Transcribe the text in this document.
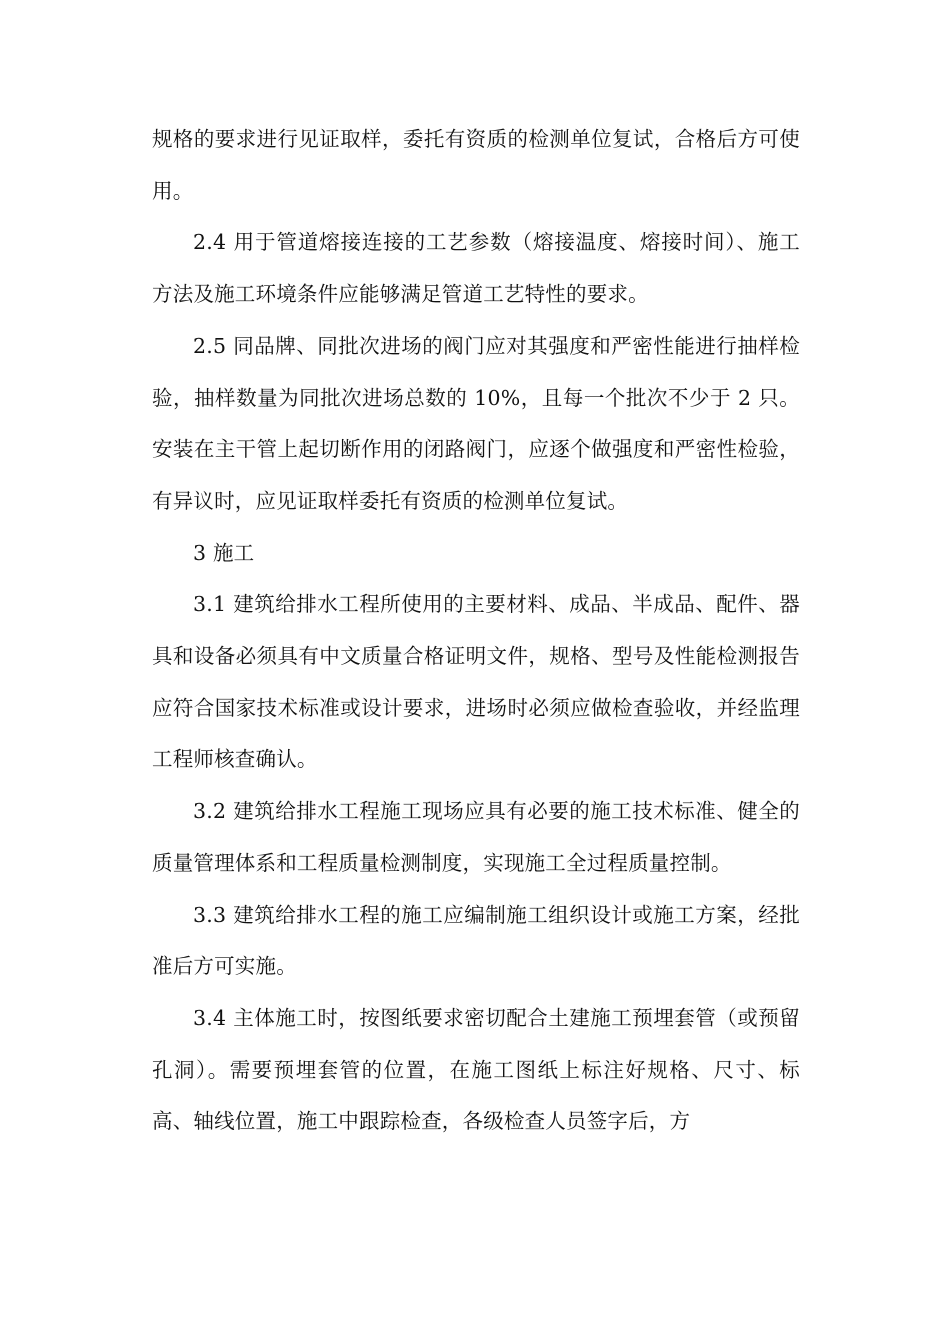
规格的要求进行见证取样，委托有资质的检测单位复试，合格后方可使用。

2.4 用于管道熔接连接的工艺参数（熔接温度、熔接时间）、施工方法及施工环境条件应能够满足管道工艺特性的要求。

2.5 同品牌、同批次进场的阀门应对其强度和严密性能进行抽样检验，抽样数量为同批次进场总数的 10%，且每一个批次不少于 2 只。安装在主干管上起切断作用的闭路阀门，应逐个做强度和严密性检验，有异议时，应见证取样委托有资质的检测单位复试。

3 施工

3.1 建筑给排水工程所使用的主要材料、成品、半成品、配件、器具和设备必须具有中文质量合格证明文件，规格、型号及性能检测报告应符合国家技术标准或设计要求，进场时必须应做检查验收，并经监理工程师核查确认。

3.2 建筑给排水工程施工现场应具有必要的施工技术标准、健全的质量管理体系和工程质量检测制度，实现施工全过程质量控制。

3.3 建筑给排水工程的施工应编制施工组织设计或施工方案，经批准后方可实施。

3.4 主体施工时，按图纸要求密切配合土建施工预埋套管（或预留孔洞）。需要预埋套管的位置，在施工图纸上标注好规格、尺寸、标高、轴线位置，施工中跟踪检查，各级检查人员签字后，方
